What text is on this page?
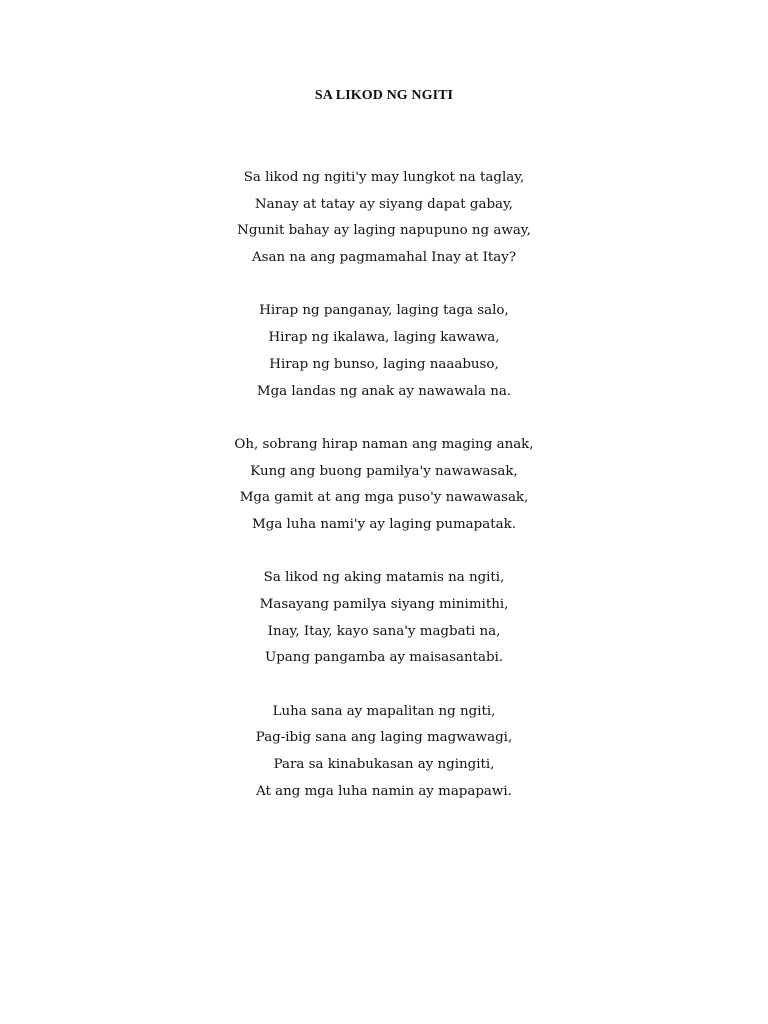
SA LIKOD NG NGITI
Sa likod ng ngiti'y may lungkot na taglay,
Nanay at tatay ay siyang dapat gabay,
Ngunit bahay ay laging napupuno ng away,
Asan na ang pagmamahal Inay at Itay?
Hirap ng panganay, laging taga salo,
Hirap ng ikalawa, laging kawawa,
Hirap ng bunso, laging naaabuso,
Mga landas ng anak ay nawawala na.
Oh, sobrang hirap naman ang maging anak,
Kung ang buong pamilya'y nawawasak,
Mga gamit at ang mga puso'y nawawasak,
Mga luha nami'y ay laging pumapatak.
Sa likod ng aking matamis na ngiti,
Masayang pamilya siyang minimithi,
Inay, Itay, kayo sana'y magbati na,
Upang pangamba ay maisasantabi.
Luha sana ay mapalitan ng ngiti,
Pag-ibig sana ang laging magwawagi,
Para sa kinabukasan ay ngingiti,
At ang mga luha namin ay mapapawi.
